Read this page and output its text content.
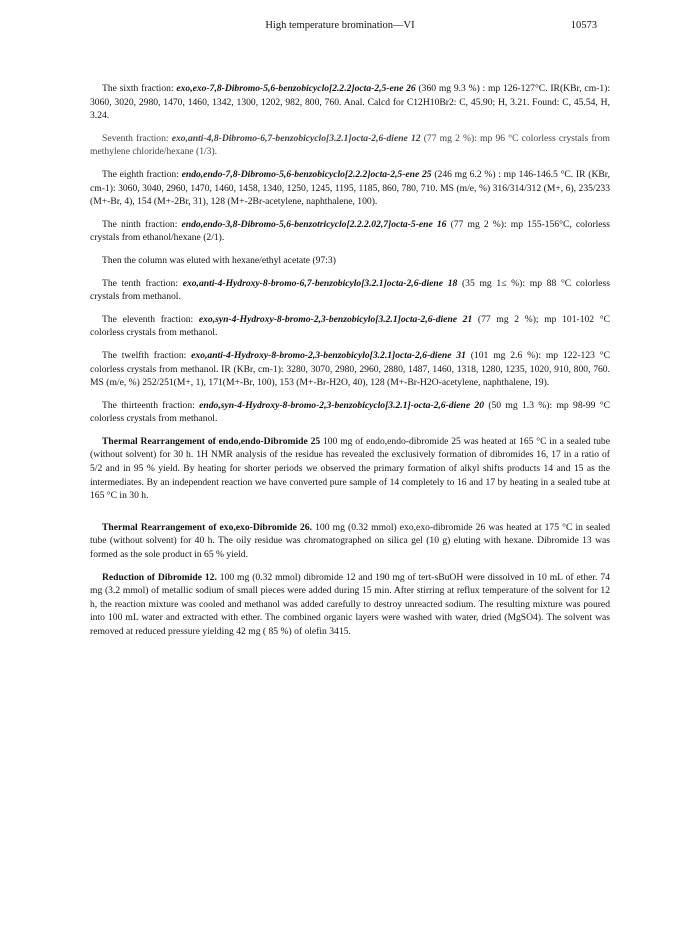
High temperature bromination—VI	10573

The sixth fraction: exo,exo-7,8-Dibromo-5,6-benzobicyclo[2.2.2]octa-2,5-ene 26 (360 mg 9.3 %) : mp 126-127°C. IR(KBr, cm-1): 3060, 3020, 2980, 1470, 1460, 1342, 1300, 1202, 982, 800, 760. Anal. Calcd for C12H10Br2: C, 45.90; H, 3.21. Found: C, 45.54, H, 3.24.

Seventh fraction: exo,anti-4,8-Dibromo-6,7-benzobicyclo[3.2.1]octa-2,6-diene 12 (77 mg 2 %): mp 96 °C colorless crystals from methylene chloride/hexane (1/3).

The eighth fraction: endo,endo-7,8-Dibromo-5,6-benzobicyclo[2.2.2]octa-2,5-ene 25 (246 mg 6.2 %) : mp 146-146.5 °C. IR (KBr, cm-1): 3060, 3040, 2960, 1470, 1460, 1458, 1340, 1250, 1245, 1195, 1185, 860, 780, 710. MS (m/e, %) 316/314/312 (M+, 6), 235/233 (M+-Br, 4), 154 (M+-2Br, 31), 128 (M+-2Br-acetylene, naphthalene, 100).

The ninth fraction: endo,endo-3,8-Dibromo-5,6-benzotricyclo[2.2.2.02,7]octa-5-ene 16 (77 mg 2 %): mp 155-156°C, colorless crystals from ethanol/hexane (2/1).

Then the column was eluted with hexane/ethyl acetate (97:3)

The tenth fraction: exo,anti-4-Hydroxy-8-bromo-6,7-benzobicylo[3.2.1]octa-2,6-diene 18 (35 mg 1≤ %): mp 88 °C colorless crystals from methanol.

The eleventh fraction: exo,syn-4-Hydroxy-8-bromo-2,3-benzobicylo[3.2.1]octa-2,6-diene 21 (77 mg 2 %); mp 101-102 °C colorless crystals from methanol.

The twelfth fraction: exo,anti-4-Hydroxy-8-bromo-2,3-benzobicylo[3.2.1]octa-2,6-diene 31 (101 mg 2.6 %): mp 122-123 °C colorless crystals from methanol. IR (KBr, cm-1): 3280, 3070, 2980, 2960, 2880, 1487, 1460, 1318, 1280, 1235, 1020, 910, 800, 760. MS (m/e, %) 252/251(M+, 1), 171(M+-Br, 100), 153 (M+-Br-H2O, 40), 128 (M+-Br-H2O-acetylene, naphthalene, 19).

The thirteenth fraction: endo,syn-4-Hydroxy-8-bromo-2,3-benzobicyclo[3.2.1]-octa-2,6-diene 20 (50 mg 1.3 %): mp 98-99 °C colorless crystals from methanol.

Thermal Rearrangement of endo,endo-Dibromide 25 100 mg of endo,endo-dibromide 25 was heated at 165 °C in a sealed tube (without solvent) for 30 h. 1H NMR analysis of the residue has revealed the exclusively formation of dibromides 16, 17 in a ratio of 5/2 and in 95 % yield. By heating for shorter periods we observed the primary formation of alkyl shifts products 14 and 15 as the intermediates. By an independent reaction we have converted pure sample of 14 completely to 16 and 17 by heating in a sealed tube at 165 °C in 30 h.

Thermal Rearrangement of exo,exo-Dibromide 26. 100 mg (0.32 mmol) exo,exo-dibromide 26 was heated at 175 °C in sealed tube (without solvent) for 40 h. The oily residue was chromatographed on silica gel (10 g) eluting with hexane. Dibromide 13 was formed as the sole product in 65 % yield.

Reduction of Dibromide 12. 100 mg (0.32 mmol) dibromide 12 and 190 mg of tert-sBuOH were dissolved in 10 mL of ether. 74 mg (3.2 mmol) of metallic sodium of small pieces were added during 15 min. After stirring at reflux temperature of the solvent for 12 h, the reaction mixture was cooled and methanol was added carefully to destroy unreacted sodium. The resulting mixture was poured into 100 mL water and extracted with ether. The combined organic layers were washed with water, dried (MgSO4). The solvent was removed at reduced pressure yielding 42 mg ( 85 %) of olefin 3415.
